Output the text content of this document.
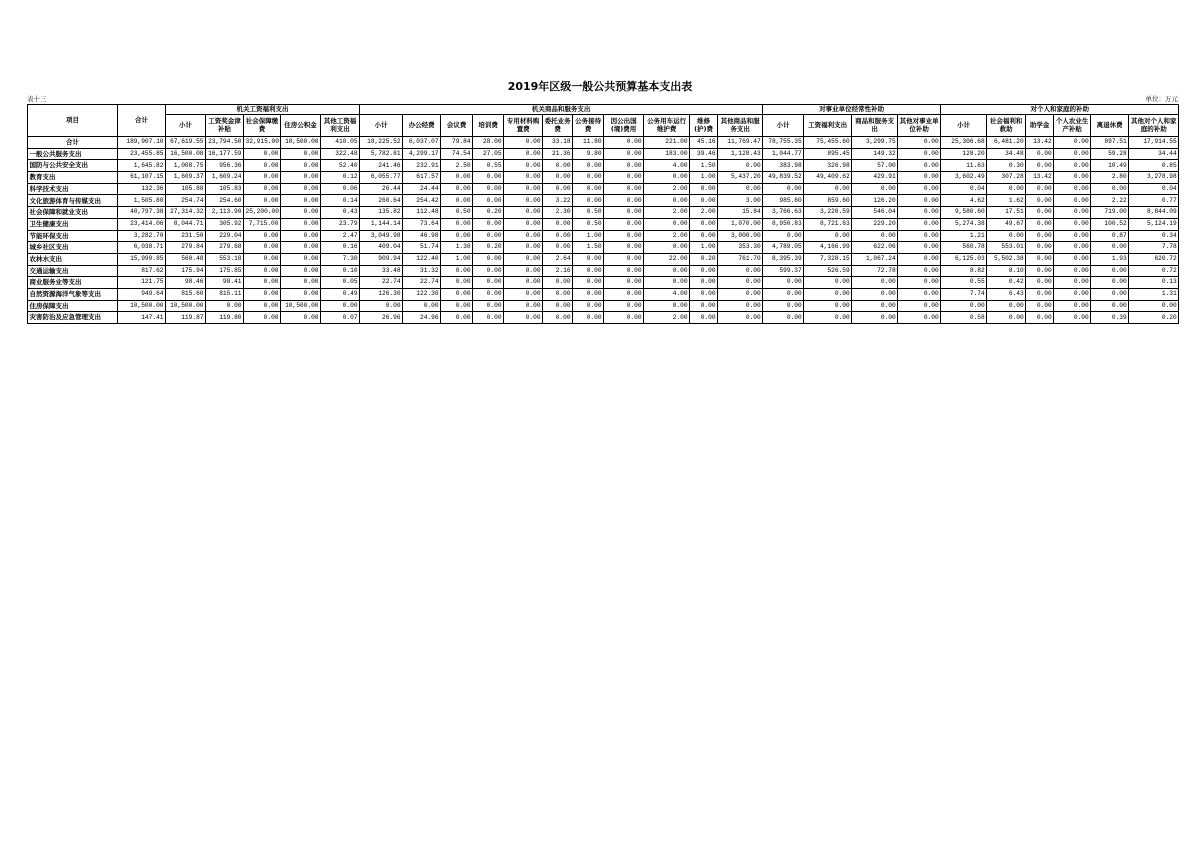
2019年区级一般公共预算基本支出表
表十三	单位：万元
项目	合计	机关工资福利支出					机关商品和服务支出											对事业单位经常性补助				对个人和家庭的补助					
		小计	工资奖金津补贴	社会保障缴费	住房公积金	其他工资福利支出	小计	办公经费	会议费	培训费	专用材料购置费	委托业务费	公务接待费	因公出国(境)费用	公务用车运行维护费	维修(护)费	其他商品和服务支出	小计	工资福利支出	商品和服务支出	其他对事业单位补助	小计	社会福利和救助	助学金	个人农业生产补贴	离退休费	其他对个人和家庭的补助
合计	189,907.10	67,619.55	23,794.50	32,915.00	10,500.00	410.05	18,225.52	6,037.07	79.84	28.00	0.00	33.18	11.80	0.00	221.00	45.16	11,769.47	78,755.35	75,455.60	3,299.75	0.00	25,306.68	6,481.20	13.42	0.00	897.51	17,914.55
一般公共服务支出	23,455.85	16,500.08	16,177.59	0.00	0.00	322.48	5,782.81	4,299.17	74.54	27.05	0.00	21.36	9.80	0.00	183.00	39.46	1,128.43	1,044.77	895.45	149.32	0.00	128.20	34.48	0.00	0.00	59.28	34.44
国防与公共安全支出	1,645.82	1,008.75	956.36	0.00	0.00	52.40	241.46	232.91	2.50	0.55	0.00	0.00	0.00	0.00	4.00	1.50	0.00	383.98	326.98	57.00	0.00	11.63	0.30	0.00	0.00	10.49	0.85
教育支出	61,107.15	1,609.37	1,609.24	0.00	0.00	0.12	6,055.77	617.57	0.00	0.00	0.00	0.00	0.00	0.00	0.00	1.00	5,437.20	49,839.52	49,409.62	429.91	0.00	3,602.49	307.28	13.42	0.00	2.80	3,278.98
科学技术支出	132.36	105.88	105.83	0.00	0.00	0.06	26.44	24.44	0.00	0.00	0.00	0.00	0.00	0.00	2.00	0.00	0.00	0.00	0.00	0.00	0.00	0.04	0.00	0.00	0.00	0.00	0.04
文化旅游体育与传媒支出	1,505.80	254.74	254.60	0.00	0.00	0.14	260.64	254.42	0.00	0.00	0.00	3.22	0.00	0.00	0.00	0.00	3.00	985.80	859.60	126.20	0.00	4.62	1.62	0.00	0.00	2.22	0.77
社会保障和就业支出	40,797.38	27,314.32	2,113.90	25,200.00	0.00	0.43	135.82	112.48	0.50	0.20	0.00	2.30	0.50	0.00	2.00	2.00	15.84	3,766.63	3,220.59	546.04	0.00	9,580.60	17.51	0.00	0.00	719.00	8,844.09
卫生健康支出	23,414.06	8,044.71	305.92	7,715.00	0.00	23.79	1,144.14	73.64	0.00	0.00	0.00	0.00	0.50	0.00	0.00	0.00	1,070.00	8,950.83	8,721.63	229.20	0.00	5,274.38	49.67	0.00	0.00	100.52	5,124.19
节能环保支出	3,282.70	231.50	229.04	0.00	0.00	2.47	3,049.98	46.98	0.00	0.00	0.00	0.00	1.00	0.00	2.00	0.00	3,000.00	0.00	0.00	0.00	0.00	1.21	0.00	0.00	0.00	0.87	0.34
城乡社区支出	6,038.71	279.84	279.68	0.00	0.00	0.16	409.04	51.74	1.30	0.20	0.00	0.00	1.50	0.00	0.00	1.00	353.30	4,789.05	4,166.99	622.06	0.00	560.78	553.01	0.00	0.00	0.00	7.78
农林水支出	15,990.85	560.48	553.18	0.00	0.00	7.30	909.94	122.40	1.00	0.00	0.00	2.64	0.00	0.00	22.00	0.20	761.70	8,395.39	7,328.15	1,067.24	0.00	6,125.03	5,502.38	0.00	0.00	1.93	620.72
交通运输支出	817.62	175.94	175.85	0.00	0.00	0.10	33.48	31.32	0.00	0.00	0.00	2.16	0.00	0.00	0.00	0.00	0.00	599.37	526.59	72.78	0.00	8.82	8.10	0.00	0.00	0.00	0.72
商业服务业等支出	121.75	98.46	98.41	0.00	0.00	0.05	22.74	22.74	0.00	0.00	0.00	0.00	0.00	0.00	0.00	0.00	0.00	0.00	0.00	0.00	0.00	0.55	0.42	0.00	0.00	0.00	0.13
自然资源海洋气象等支出	949.64	815.60	815.11	0.00	0.00	0.49	126.30	122.30	0.00	0.00	0.00	0.00	0.00	0.00	4.00	0.00	0.00	0.00	0.00	0.00	0.00	7.74	6.43	0.00	0.00	0.00	1.31
住房保障支出	10,500.00	10,500.00	0.00	0.00	10,500.00	0.00	0.00	0.00	0.00	0.00	0.00	0.00	0.00	0.00	0.00	0.00	0.00	0.00	0.00	0.00	0.00	0.00	0.00	0.00	0.00	0.00	0.00
灾害防治及应急管理支出	147.41	119.87	119.80	0.00	0.00	0.07	26.96	24.96	0.00	0.00	0.00	0.00	0.00	0.00	2.00	0.00	0.00	0.00	0.00	0.00	0.00	0.58	0.00	0.00	0.00	0.39	0.20
